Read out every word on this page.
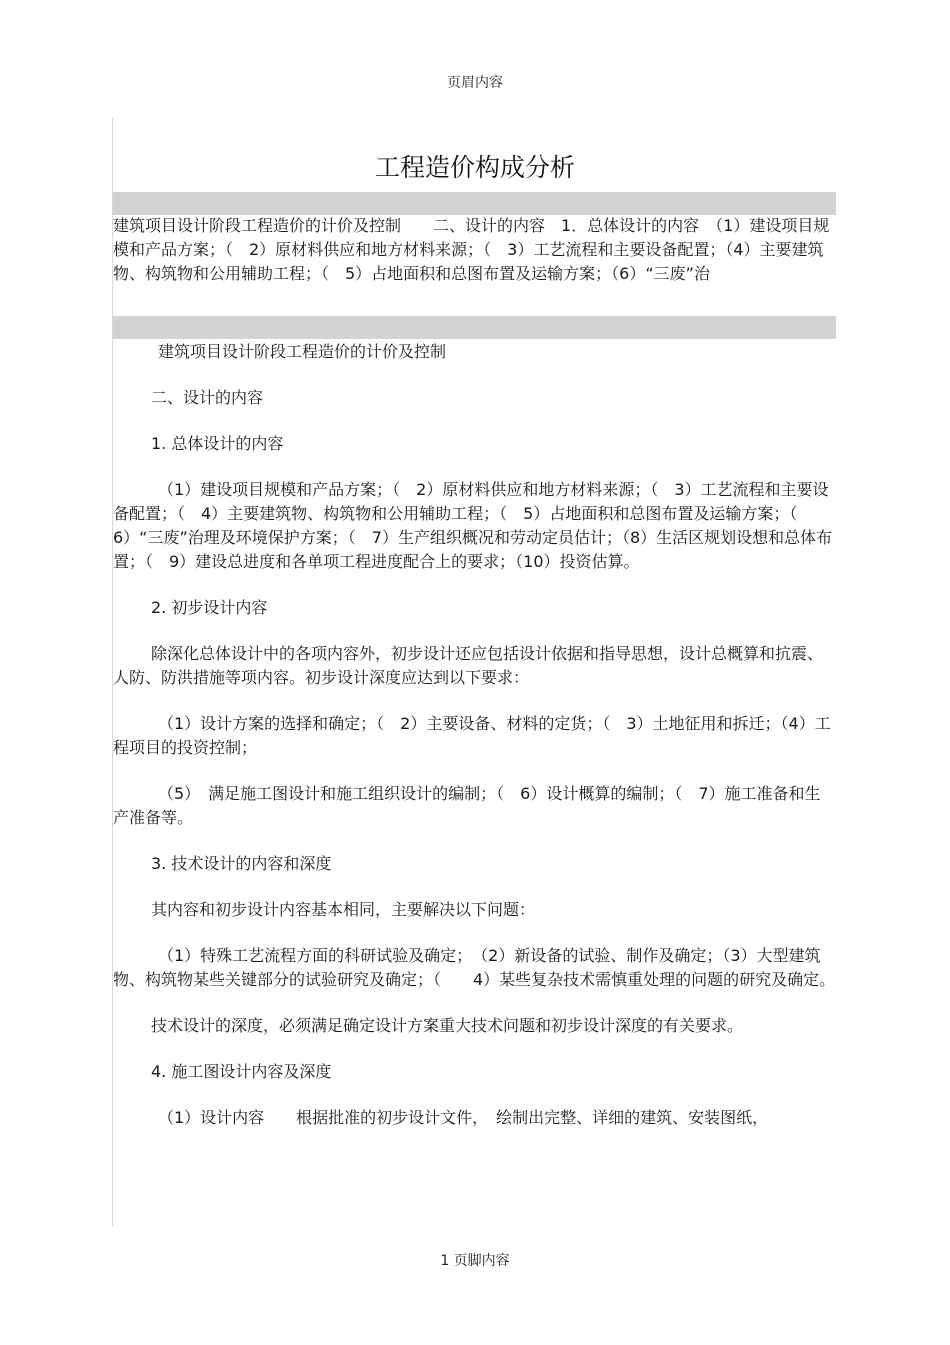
页眉内容
工程造价构成分析
建筑项目设计阶段工程造价的计价及控制　　二、设计的内容　1．总体设计的内容　（1）建设项目规模和产品方案；（　2）原材料供应和地方材料来源；（　3）工艺流程和主要设备配置；（4）主要建筑物、构筑物和公用辅助工程；（　5）占地面积和总图布置及运输方案；（6）“三废”治

建筑项目设计阶段工程造价的计价及控制

二、设计的内容

1. 总体设计的内容

（1）建设项目规模和产品方案；（　2）原材料供应和地方材料来源；（　3）工艺流程和主要设备配置；（　4）主要建筑物、构筑物和公用辅助工程；（　5）占地面积和总图布置及运输方案；（　6）“三废”治理及环境保护方案；（　7）生产组织概况和劳动定员估计；（8）生活区规划设想和总体布置；（　9）建设总进度和各单项工程进度配合上的要求；（10）投资估算。

2. 初步设计内容

除深化总体设计中的各项内容外，初步设计还应包括设计依据和指导思想，设计总概算和抗震、人防、防洪措施等项内容。初步设计深度应达到以下要求：

（1）设计方案的选择和确定；（　2）主要设备、材料的定货；（　3）土地征用和拆迁；（4）工程项目的投资控制；

（5）　满足施工图设计和施工组织设计的编制；（　6）设计概算的编制；（　7）施工准备和生产准备等。

3. 技术设计的内容和深度

其内容和初步设计内容基本相同，主要解决以下问题：

（1）特殊工艺流程方面的科研试验及确定；　（2）新设备的试验、制作及确定；（3）大型建筑物、构筑物某些关键部分的试验研究及确定；（　　4）某些复杂技术需慎重处理的问题的研究及确定。

技术设计的深度，必须满足确定设计方案重大技术问题和初步设计深度的有关要求。

4. 施工图设计内容及深度

（1）设计内容　　根据批准的初步设计文件，　绘制出完整、详细的建筑、安装图纸，

1 页脚内容
